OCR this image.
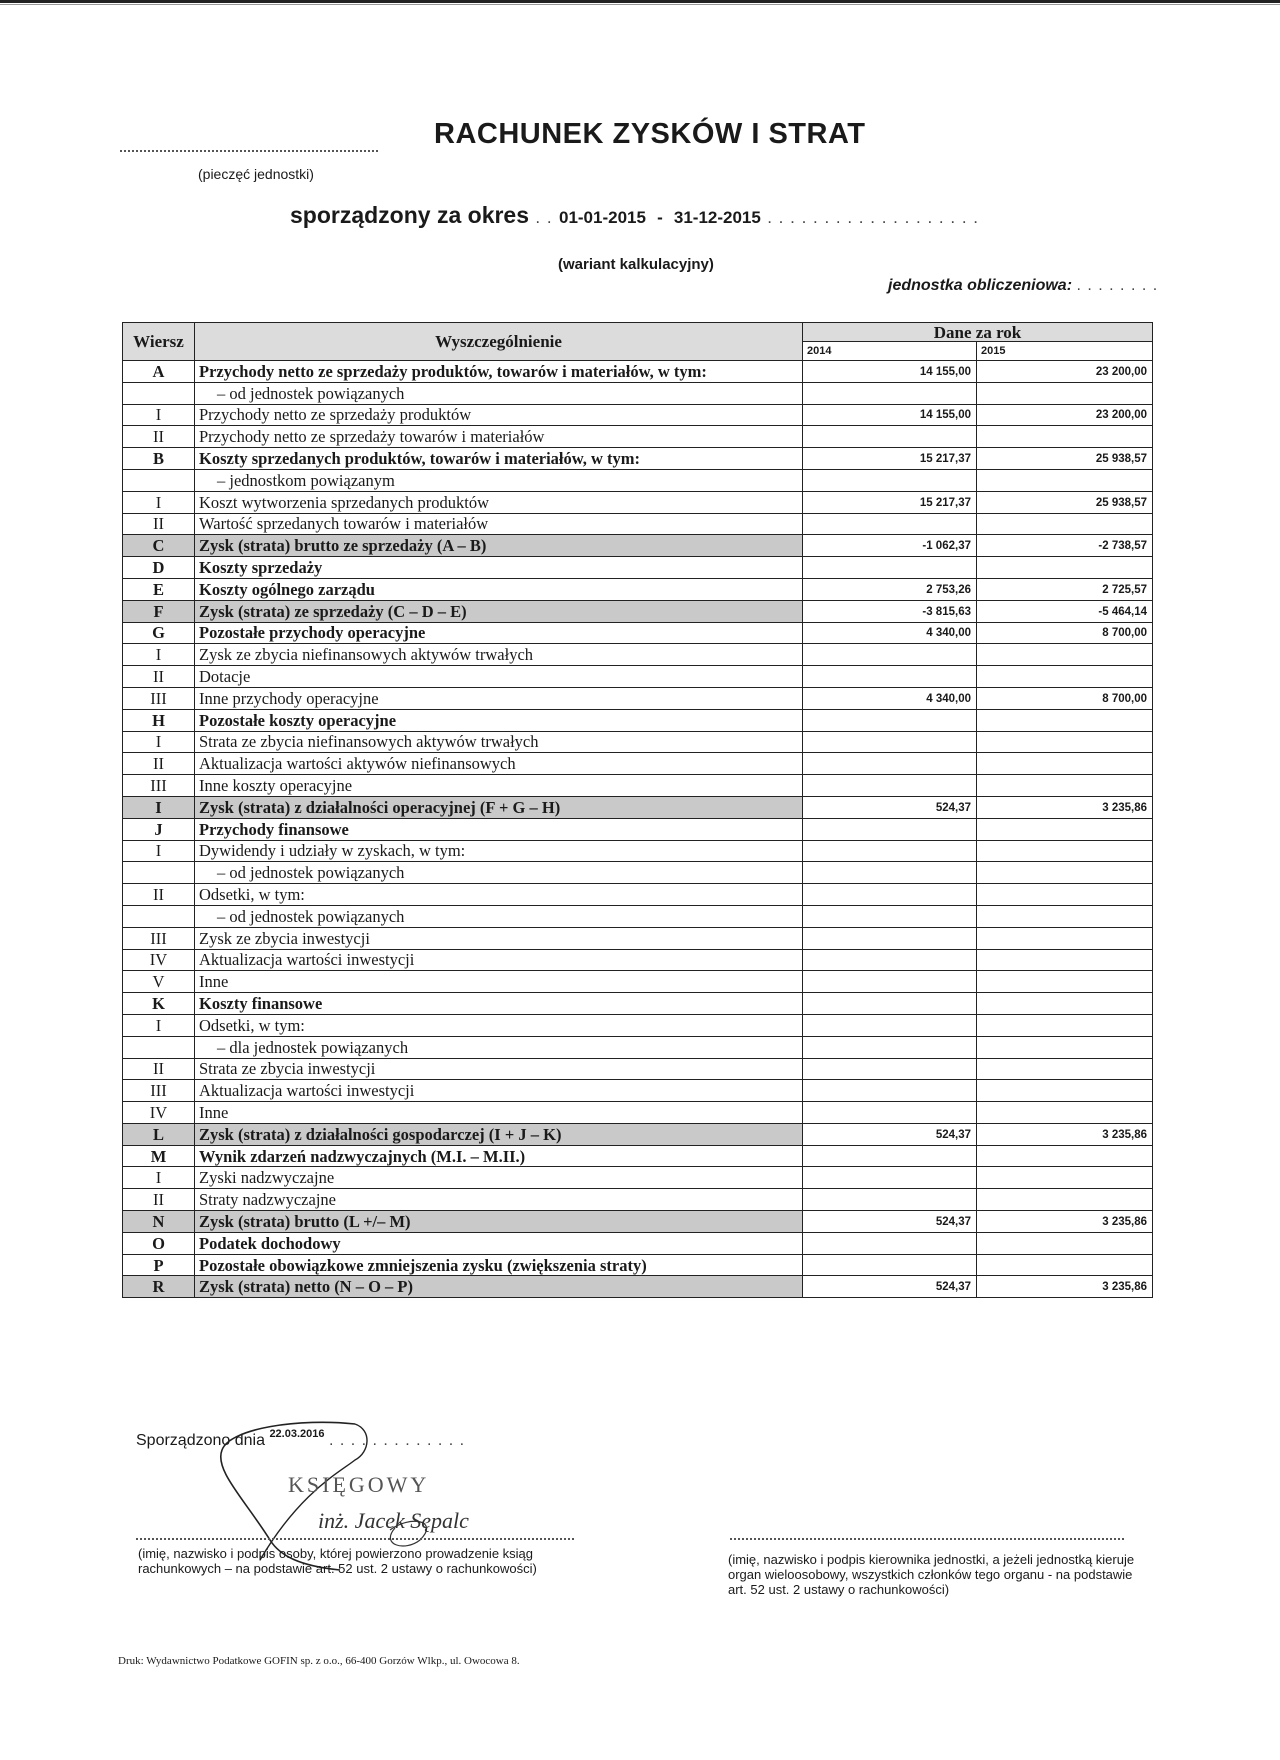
(pieczęć jednostki)
RACHUNEK ZYSKÓW I STRAT
sporządzony za okres . . 01-01-2015 - 31-12-2015 . . . . . . . . . . . . . . . . . . .
(wariant kalkulacyjny)
jednostka obliczeniowa: . . . . . . . .
Wiersz	Wyszczególnienie	Dane za rok	
		2014	2015
A	Przychody netto ze sprzedaży produktów, towarów i materiałów, w tym:	14 155,00	23 200,00
	– od jednostek powiązanych		
I	Przychody netto ze sprzedaży produktów	14 155,00	23 200,00
II	Przychody netto ze sprzedaży towarów i materiałów		
B	Koszty sprzedanych produktów, towarów i materiałów, w tym:	15 217,37	25 938,57
	– jednostkom powiązanym		
I	Koszt wytworzenia sprzedanych produktów	15 217,37	25 938,57
II	Wartość sprzedanych towarów i materiałów		
C	Zysk (strata) brutto ze sprzedaży (A – B)	-1 062,37	-2 738,57
D	Koszty sprzedaży		
E	Koszty ogólnego zarządu	2 753,26	2 725,57
F	Zysk (strata) ze sprzedaży (C – D – E)	-3 815,63	-5 464,14
G	Pozostałe przychody operacyjne	4 340,00	8 700,00
I	Zysk ze zbycia niefinansowych aktywów trwałych		
II	Dotacje		
III	Inne przychody operacyjne	4 340,00	8 700,00
H	Pozostałe koszty operacyjne		
I	Strata ze zbycia niefinansowych aktywów trwałych		
II	Aktualizacja wartości aktywów niefinansowych		
III	Inne koszty operacyjne		
I	Zysk (strata) z działalności operacyjnej (F + G – H)	524,37	3 235,86
J	Przychody finansowe		
I	Dywidendy i udziały w zyskach, w tym:		
	– od jednostek powiązanych		
II	Odsetki, w tym:		
	– od jednostek powiązanych		
III	Zysk ze zbycia inwestycji		
IV	Aktualizacja wartości inwestycji		
V	Inne		
K	Koszty finansowe		
I	Odsetki, w tym:		
	– dla jednostek powiązanych		
II	Strata ze zbycia inwestycji		
III	Aktualizacja wartości inwestycji		
IV	Inne		
L	Zysk (strata) z działalności gospodarczej (I + J – K)	524,37	3 235,86
M	Wynik zdarzeń nadzwyczajnych (M.I. – M.II.)		
I	Zyski nadzwyczajne		
II	Straty nadzwyczajne		
N	Zysk (strata) brutto (L +/– M)	524,37	3 235,86
O	Podatek dochodowy		
P	Pozostałe obowiązkowe zmniejszenia zysku (zwiększenia straty)		
R	Zysk (strata) netto (N – O – P)	524,37	3 235,86
Sporządzono dnia $^{22.03.2016}$ . . . . . . . . . . . . .
KSIĘGOWY
inż. Jacek Sępalc
(imię, nazwisko i podpis osoby, której powierzono prowadzenie ksiąg rachunkowych – na podstawie art. 52 ust. 2 ustawy o rachunkowości)
(imię, nazwisko i podpis kierownika jednostki, a jeżeli jednostką kieruje organ wieloosobowy, wszystkich członków tego organu - na podstawie art. 52 ust. 2 ustawy o rachunkowości)
Druk: Wydawnictwo Podatkowe GOFIN sp. z o.o., 66-400 Gorzów Wlkp., ul. Owocowa 8.
